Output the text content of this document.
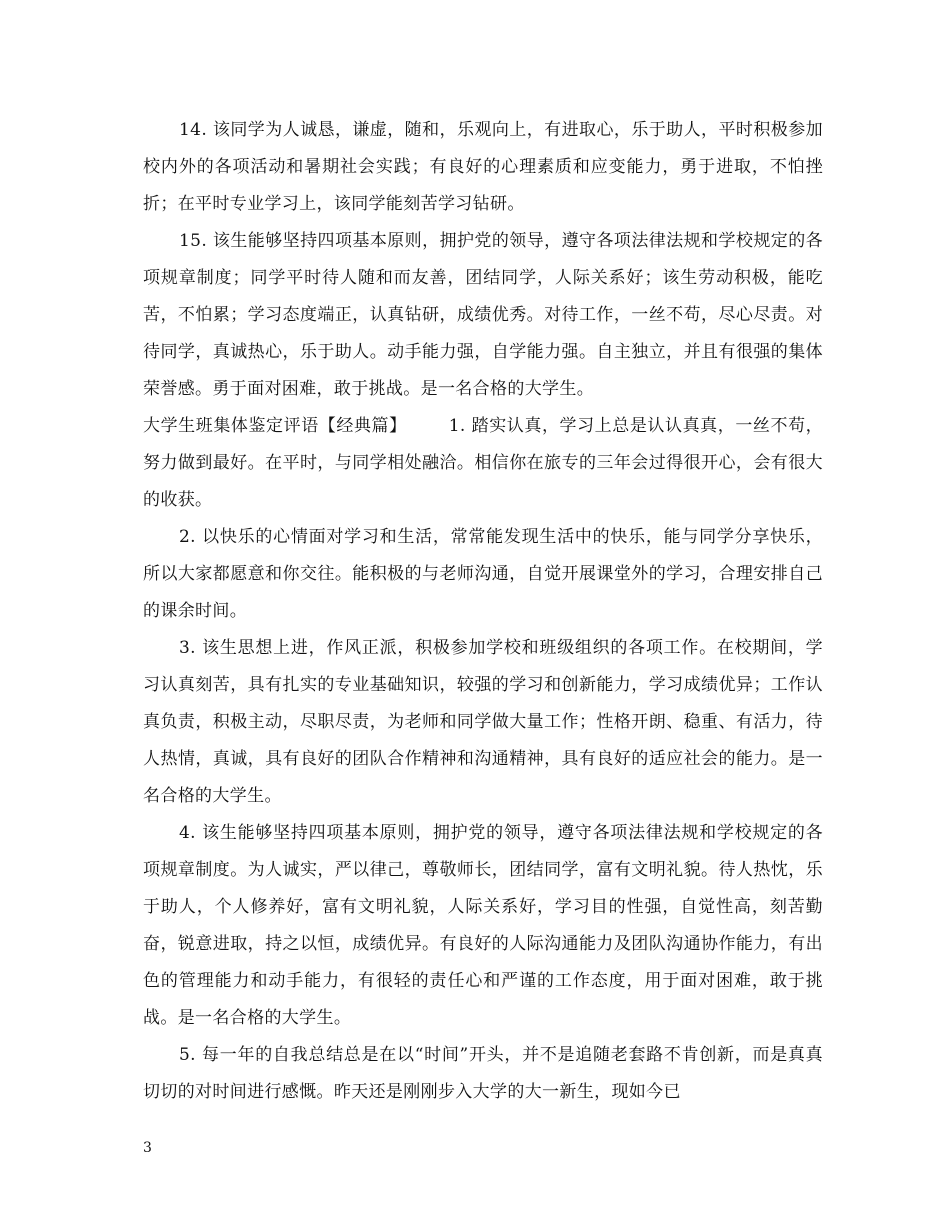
14. 该同学为人诚恳，谦虚，随和，乐观向上，有进取心，乐于助人，平时积极参加校内外的各项活动和暑期社会实践；有良好的心理素质和应变能力，勇于进取，不怕挫折；在平时专业学习上，该同学能刻苦学习钻研。

15. 该生能够坚持四项基本原则，拥护党的领导，遵守各项法律法规和学校规定的各项规章制度；同学平时待人随和而友善，团结同学，人际关系好；该生劳动积极，能吃苦，不怕累；学习态度端正，认真钻研，成绩优秀。对待工作，一丝不苟，尽心尽责。对待同学，真诚热心，乐于助人。动手能力强，自学能力强。自主独立，并且有很强的集体荣誉感。勇于面对困难，敢于挑战。是一名合格的大学生。

大学生班集体鉴定评语【经典篇】 1. 踏实认真，学习上总是认认真真，一丝不苟，努力做到最好。在平时，与同学相处融洽。相信你在旅专的三年会过得很开心，会有很大的收获。

2. 以快乐的心情面对学习和生活，常常能发现生活中的快乐，能与同学分享快乐，所以大家都愿意和你交往。能积极的与老师沟通，自觉开展课堂外的学习，合理安排自己的课余时间。

3. 该生思想上进，作风正派，积极参加学校和班级组织的各项工作。在校期间，学习认真刻苦，具有扎实的专业基础知识，较强的学习和创新能力，学习成绩优异；工作认真负责，积极主动，尽职尽责，为老师和同学做大量工作；性格开朗、稳重、有活力，待人热情，真诚，具有良好的团队合作精神和沟通精神，具有良好的适应社会的能力。是一名合格的大学生。

4. 该生能够坚持四项基本原则，拥护党的领导，遵守各项法律法规和学校规定的各项规章制度。为人诚实，严以律己，尊敬师长，团结同学，富有文明礼貌。待人热忱，乐于助人，个人修养好，富有文明礼貌，人际关系好，学习目的性强，自觉性高，刻苦勤奋，锐意进取，持之以恒，成绩优异。有良好的人际沟通能力及团队沟通协作能力，有出色的管理能力和动手能力，有很轻的责任心和严谨的工作态度，用于面对困难，敢于挑战。是一名合格的大学生。

5. 每一年的自我总结总是在以“时间”开头，并不是追随老套路不肯创新，而是真真切切的对时间进行感慨。昨天还是刚刚步入大学的大一新生，现如今已

3
